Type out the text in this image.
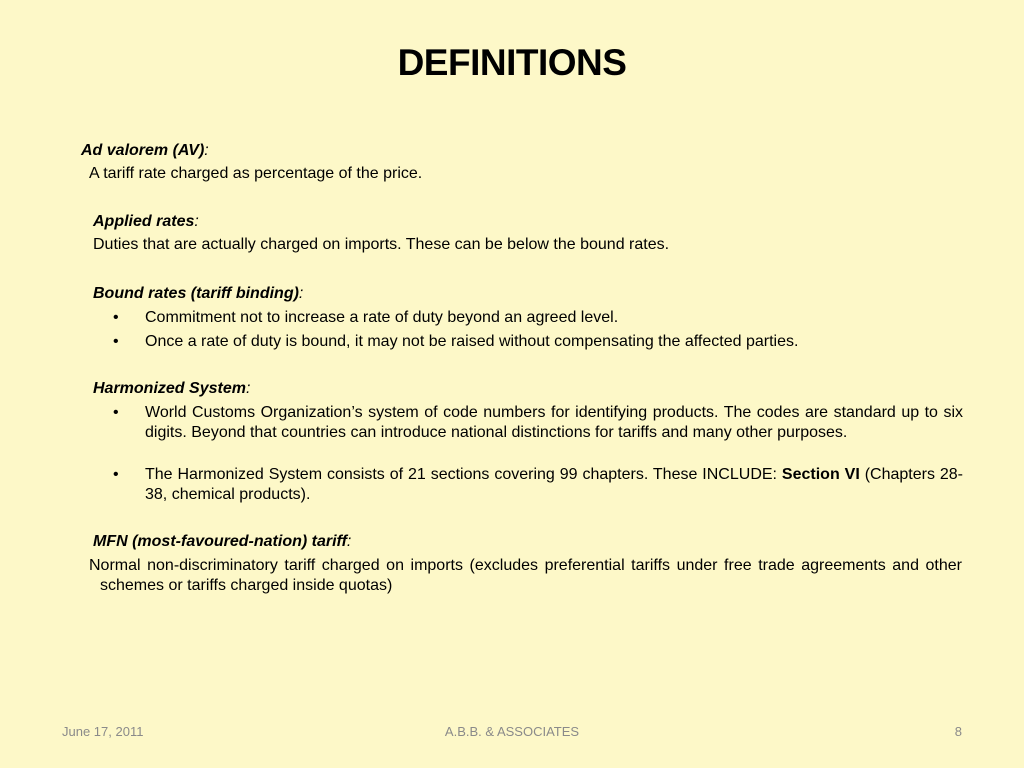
DEFINITIONS
Ad valorem (AV):
A tariff rate charged as percentage of the price.
Applied rates:
Duties that are actually charged on imports. These can be below the bound rates.
Bound rates (tariff binding):
•	Commitment not to increase a rate of duty beyond an agreed level.
•	Once a rate of duty is bound, it may not be raised without compensating the affected parties.
Harmonized System:
•	World Customs Organization’s system of code numbers for identifying products. The codes are standard up to six digits. Beyond that countries can introduce national distinctions for tariffs and many other purposes.
•	The Harmonized System consists of 21 sections covering 99 chapters. These INCLUDE: Section VI (Chapters 28-38, chemical products).
MFN (most-favoured-nation) tariff:
Normal non-discriminatory tariff charged on imports (excludes preferential tariffs under free trade agreements and other schemes or tariffs charged inside quotas)
June 17, 2011	A.B.B. & ASSOCIATES	8
